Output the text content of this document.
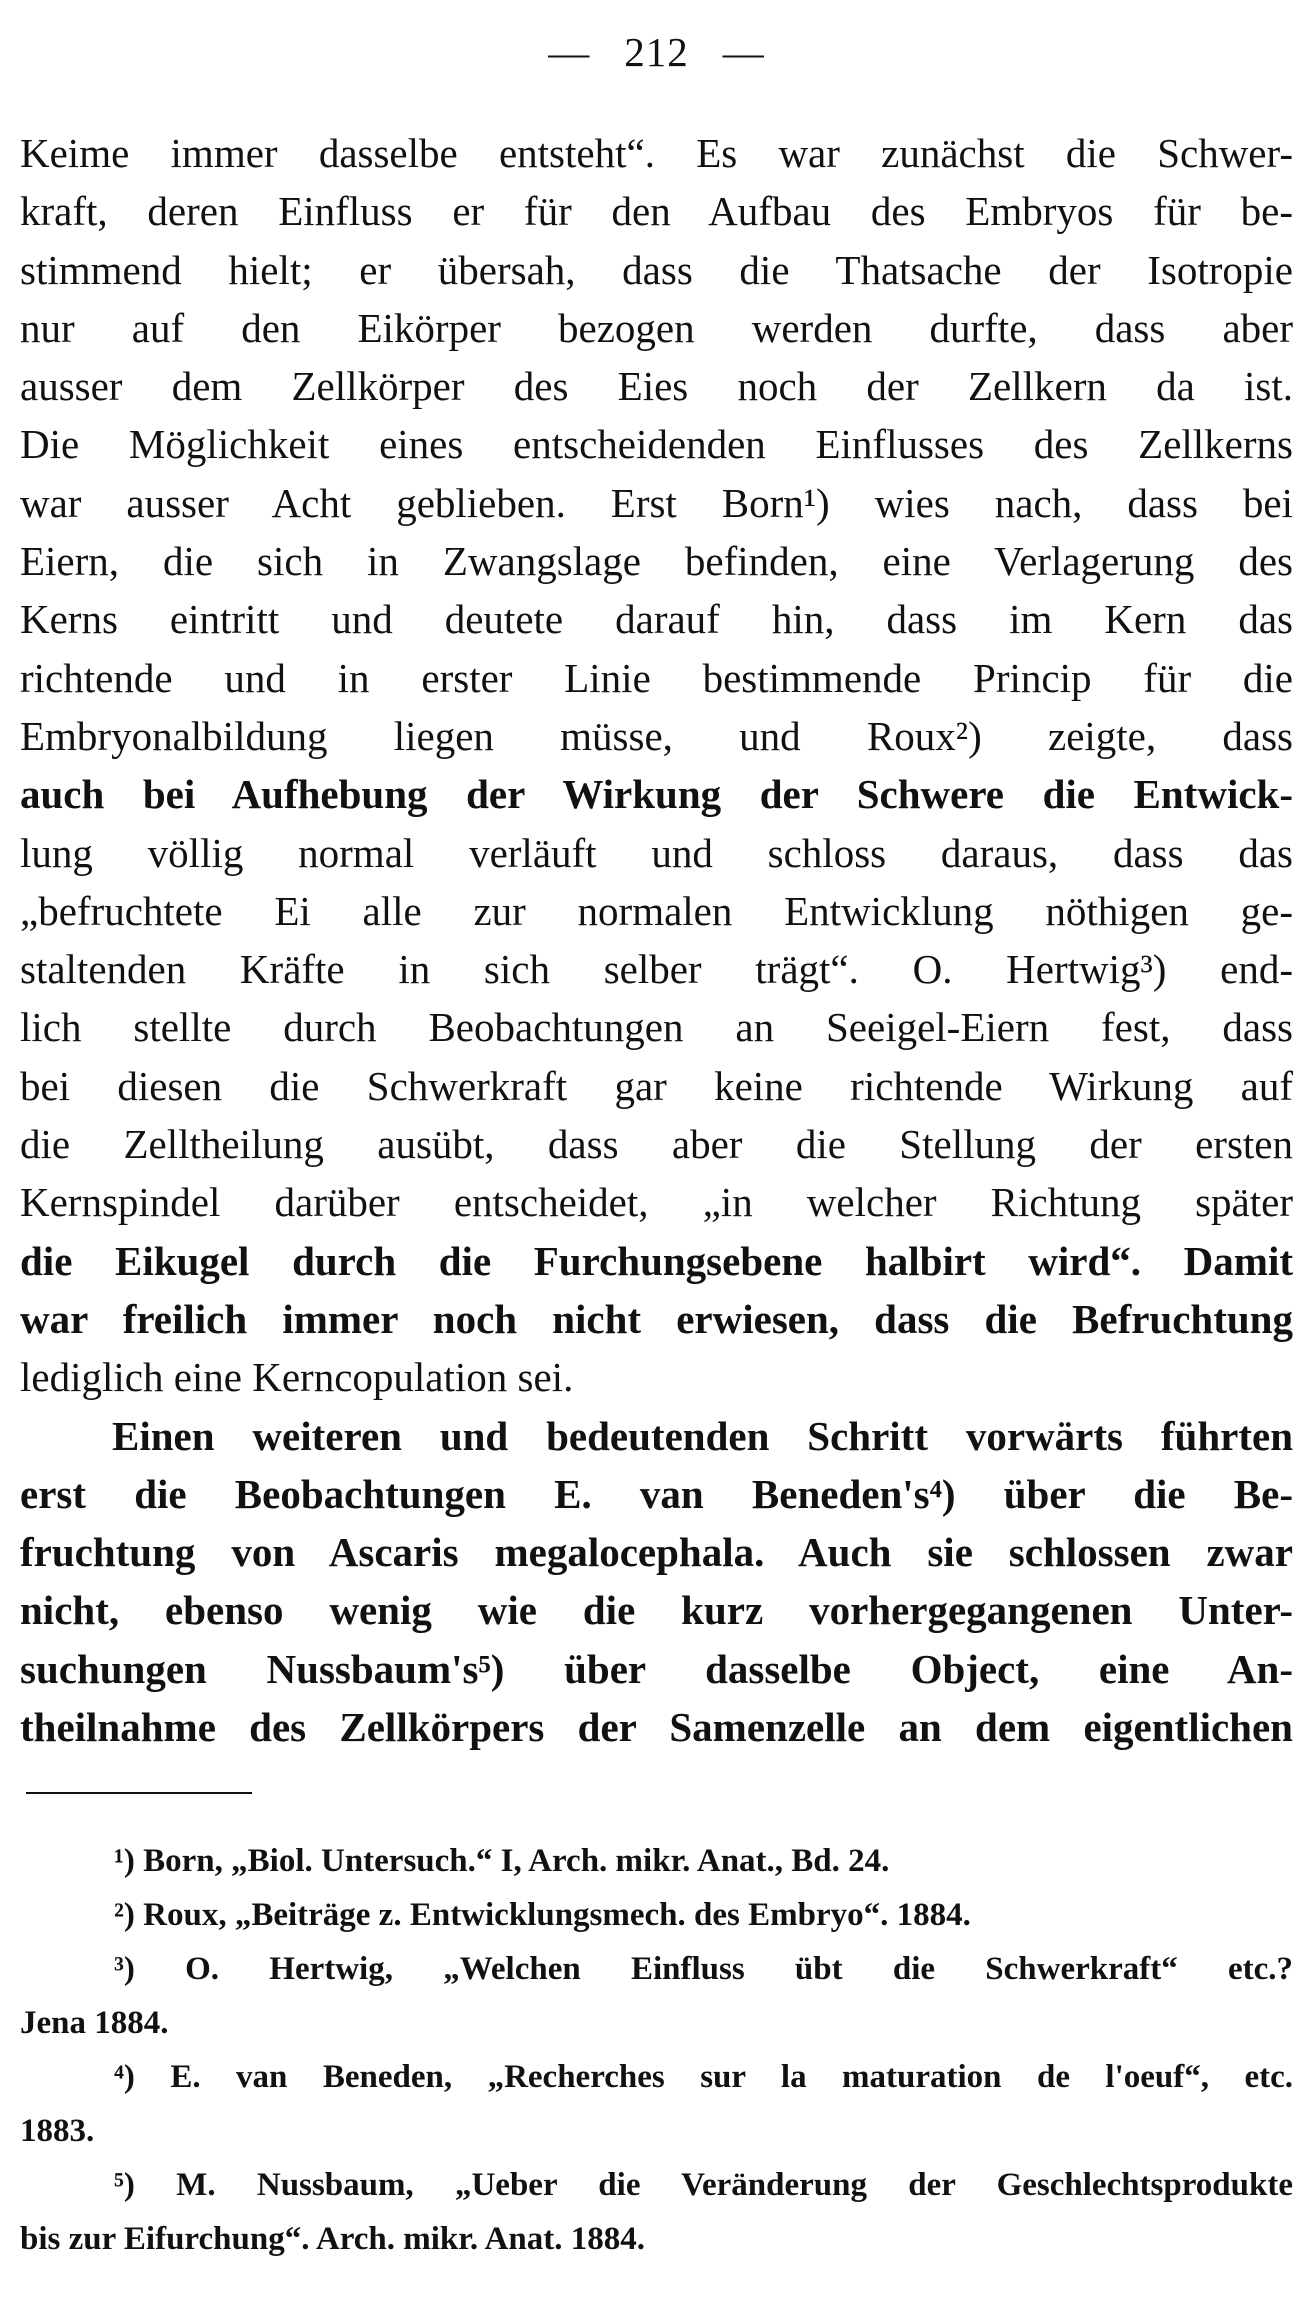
— 212 —
Keime immer dasselbe entsteht“. Es war zunächst die Schwer-
kraft, deren Einfluss er für den Aufbau des Embryos für be-
stimmend hielt; er übersah, dass die Thatsache der Isotropie
nur auf den Eikörper bezogen werden durfte, dass aber
ausser dem Zellkörper des Eies noch der Zellkern da ist.
Die Möglichkeit eines entscheidenden Einflusses des Zellkerns
war ausser Acht geblieben. Erst Born¹) wies nach, dass bei
Eiern, die sich in Zwangslage befinden, eine Verlagerung des
Kerns eintritt und deutete darauf hin, dass im Kern das
richtende und in erster Linie bestimmende Princip für die
Embryonalbildung liegen müsse, und Roux²) zeigte, dass
auch bei Aufhebung der Wirkung der Schwere die Entwick-
lung völlig normal verläuft und schloss daraus, dass das
„befruchtete Ei alle zur normalen Entwicklung nöthigen ge-
staltenden Kräfte in sich selber trägt“. O. Hertwig³) end-
lich stellte durch Beobachtungen an Seeigel-Eiern fest, dass
bei diesen die Schwerkraft gar keine richtende Wirkung auf
die Zelltheilung ausübt, dass aber die Stellung der ersten
Kernspindel darüber entscheidet, „in welcher Richtung später
die Eikugel durch die Furchungsebene halbirt wird“. Damit
war freilich immer noch nicht erwiesen, dass die Befruchtung
lediglich eine Kerncopulation sei.
Einen weiteren und bedeutenden Schritt vorwärts führten
erst die Beobachtungen E. van Beneden's⁴) über die Be-
fruchtung von Ascaris megalocephala. Auch sie schlossen zwar
nicht, ebenso wenig wie die kurz vorhergegangenen Unter-
suchungen Nussbaum's⁵) über dasselbe Object, eine An-
theilnahme des Zellkörpers der Samenzelle an dem eigentlichen
¹) Born, „Biol. Untersuch.“ I, Arch. mikr. Anat., Bd. 24.
²) Roux, „Beiträge z. Entwicklungsmech. des Embryo“. 1884.
³) O. Hertwig, „Welchen Einfluss übt die Schwerkraft“ etc.?
Jena 1884.
⁴) E. van Beneden, „Recherches sur la maturation de l'oeuf“, etc.
1883.
⁵) M. Nussbaum, „Ueber die Veränderung der Geschlechtsprodukte
bis zur Eifurchung“. Arch. mikr. Anat. 1884.
